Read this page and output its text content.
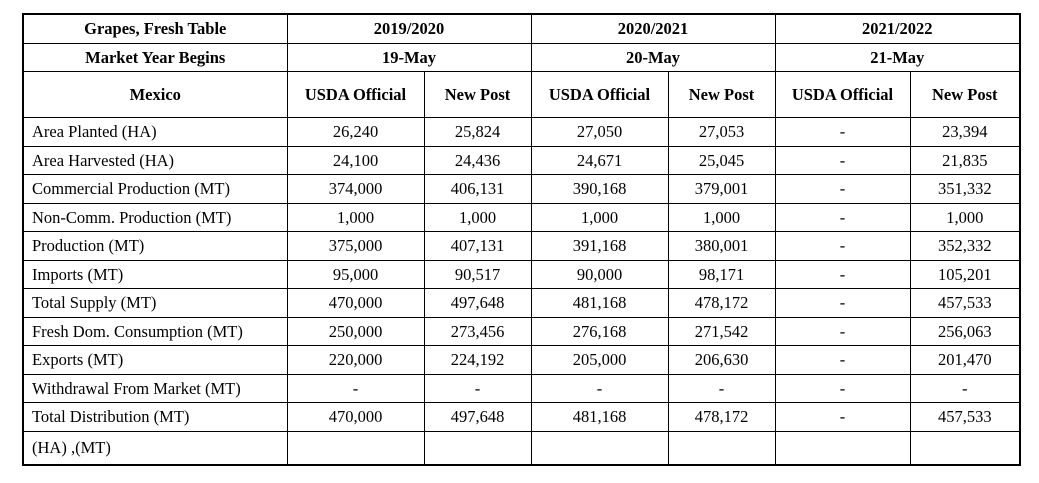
Grapes, Fresh Table	2019/2020		2020/2021		2021/2022	
Market Year Begins	19-May		20-May		21-May	
Mexico	USDA Official	New Post	USDA Official	New Post	USDA Official	New Post
Area Planted (HA)	26,240	25,824	27,050	27,053	-	23,394
Area Harvested (HA)	24,100	24,436	24,671	25,045	-	21,835
Commercial Production (MT)	374,000	406,131	390,168	379,001	-	351,332
Non-Comm. Production (MT)	1,000	1,000	1,000	1,000	-	1,000
Production (MT)	375,000	407,131	391,168	380,001	-	352,332
Imports (MT)	95,000	90,517	90,000	98,171	-	105,201
Total Supply (MT)	470,000	497,648	481,168	478,172	-	457,533
Fresh Dom. Consumption (MT)	250,000	273,456	276,168	271,542	-	256,063
Exports (MT)	220,000	224,192	205,000	206,630	-	201,470
Withdrawal From Market (MT)	-	-	-	-	-	-
Total Distribution (MT)	470,000	497,648	481,168	478,172	-	457,533
(HA) ,(MT)						
